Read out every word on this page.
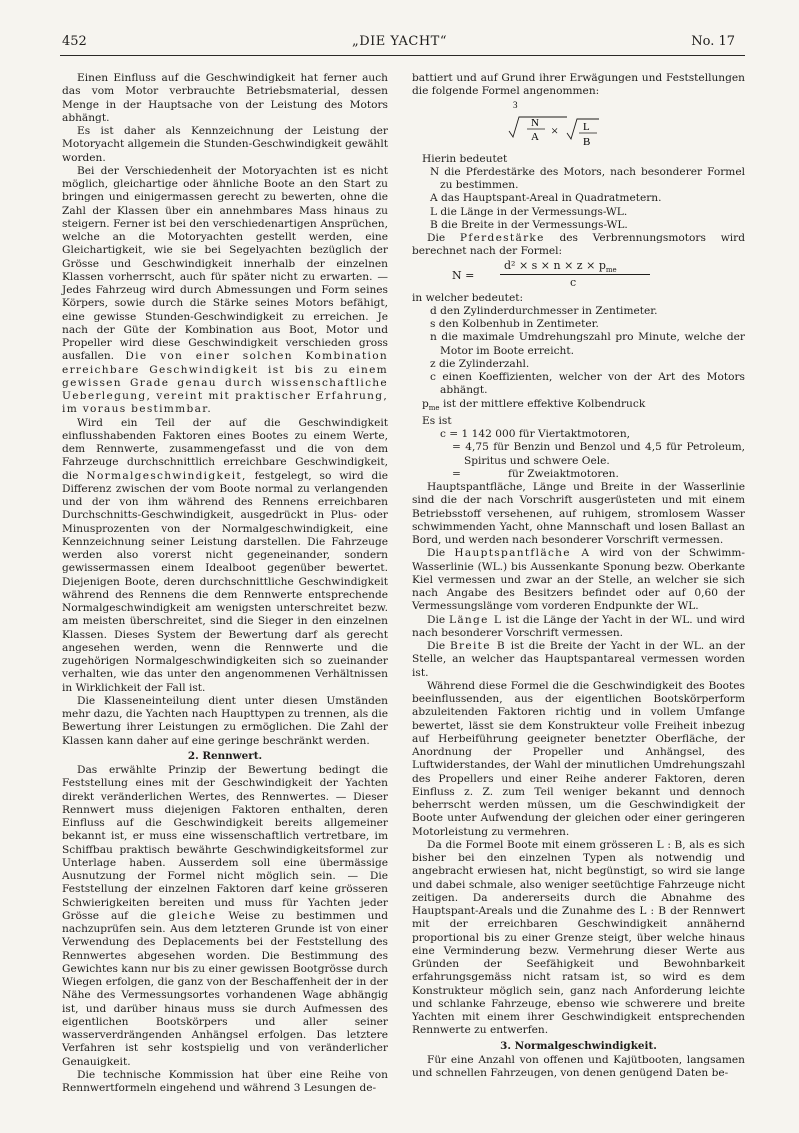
452	„DIE YACHT“	No. 17

Einen Einfluss auf die Geschwindigkeit hat ferner auch das vom Motor verbrauchte Betriebsmaterial, dessen Menge in der Hauptsache von der Leistung des Motors abhängt.

Es ist daher als Kennzeichnung der Leistung der Motoryacht allgemein die Stunden-Geschwindigkeit gewählt worden.

Bei der Verschiedenheit der Motoryachten ist es nicht möglich, gleichartige oder ähnliche Boote an den Start zu bringen und einigermassen gerecht zu bewerten, ohne die Zahl der Klassen über ein annehmbares Mass hinaus zu steigern. Ferner ist bei den verschiedenartigen Ansprüchen, welche an die Motoryachten gestellt werden, eine Gleichartigkeit, wie sie bei Segelyachten bezüglich der Grösse und Geschwindigkeit innerhalb der einzelnen Klassen vorherrscht, auch für später nicht zu erwarten. — Jedes Fahrzeug wird durch Abmessungen und Form seines Körpers, sowie durch die Stärke seines Motors befähigt, eine gewisse Stunden-Geschwindigkeit zu erreichen. Je nach der Güte der Kombination aus Boot, Motor und Propeller wird diese Geschwindigkeit verschieden gross ausfallen. Die von einer solchen Kombination erreichbare Geschwindigkeit ist bis zu einem gewissen Grade genau durch wissenschaftliche Ueberlegung, vereint mit praktischer Erfahrung, im voraus bestimmbar.

Wird ein Teil der auf die Geschwindigkeit einflusshabenden Faktoren eines Bootes zu einem Werte, dem Rennwerte, zusammengefasst und die von dem Fahrzeuge durchschnittlich erreichbare Geschwindigkeit, die Normalgeschwindigkeit, festgelegt, so wird die Differenz zwischen der vom Boote normal zu verlangenden und der von ihm während des Rennens erreichbaren Durchschnitts-Geschwindigkeit, ausgedrückt in Plus- oder Minusprozenten von der Normalgeschwindigkeit, eine Kennzeichnung seiner Leistung darstellen. Die Fahrzeuge werden also vorerst nicht gegeneinander, sondern gewissermassen einem Idealboot gegenüber bewertet. Diejenigen Boote, deren durchschnittliche Geschwindigkeit während des Rennens die dem Rennwerte entsprechende Normalgeschwindigkeit am wenigsten unterschreitet bezw. am meisten überschreitet, sind die Sieger in den einzelnen Klassen. Dieses System der Bewertung darf als gerecht angesehen werden, wenn die Rennwerte und die zugehörigen Normalgeschwindigkeiten sich so zueinander verhalten, wie das unter den angenommenen Verhältnissen in Wirklichkeit der Fall ist.

Die Klasseneinteilung dient unter diesen Umständen mehr dazu, die Yachten nach Haupttypen zu trennen, als die Bewertung ihrer Leistungen zu ermöglichen. Die Zahl der Klassen kann daher auf eine geringe beschränkt werden.

2. Rennwert.

Das erwählte Prinzip der Bewertung bedingt die Feststellung eines mit der Geschwindigkeit der Yachten direkt veränderlichen Wertes, des Rennwertes. — Dieser Rennwert muss diejenigen Faktoren enthalten, deren Einfluss auf die Geschwindigkeit bereits allgemeiner bekannt ist, er muss eine wissenschaftlich vertretbare, im Schiffbau praktisch bewährte Geschwindigkeitsformel zur Unterlage haben. Ausserdem soll eine übermässige Ausnutzung der Formel nicht möglich sein. — Die Feststellung der einzelnen Faktoren darf keine grösseren Schwierigkeiten bereiten und muss für Yachten jeder Grösse auf die gleiche Weise zu bestimmen und nachzuprüfen sein. Aus dem letzteren Grunde ist von einer Verwendung des Deplacements bei der Feststellung des Rennwertes abgesehen worden. Die Bestimmung des Gewichtes kann nur bis zu einer gewissen Bootgrösse durch Wiegen erfolgen, die ganz von der Beschaffenheit der in der Nähe des Vermessungsortes vorhandenen Wage abhängig ist, und darüber hinaus muss sie durch Aufmessen des eigentlichen Bootskörpers und aller seiner wasserverdrängenden Anhängsel erfolgen. Das letztere Verfahren ist sehr kostspielig und von veränderlicher Genauigkeit.

Die technische Kommission hat über eine Reihe von Rennwertformeln eingehend und während 3 Lesungen de-

battiert und auf Grund ihrer Erwägungen und Feststellungen die folgende Formel angenommen:

3
N
A × L
B

Hierin bedeutet

N die Pferdestärke des Motors, nach besonderer Formel zu bestimmen.

A das Hauptspant-Areal in Quadratmetern.

L die Länge in der Vermessungs-WL.

B die Breite in der Vermessungs-WL.

Die Pferdestärke des Verbrennungsmotors wird berechnet nach der Formel:

N =
$d^2 \times s \times n \times z \times p_{me}$
c

in welcher bedeutet:

d den Zylinderdurchmesser in Zentimeter.

s den Kolbenhub in Zentimeter.

n die maximale Umdrehungszahl pro Minute, welche der Motor im Boote erreicht.

z die Zylinderzahl.

c einen Koeffizienten, welcher von der Art des Motors abhängt.

$p_{me}$ ist der mittlere effektive Kolbendruck

Es ist

c = 1 142 000 für Viertaktmotoren,

= 4,75 für Benzin und Benzol und 4,5 für Petroleum, Spiritus und schwere Oele.

=              für Zweiaktmotoren.

Hauptspantfläche, Länge und Breite in der Wasserlinie sind die der nach Vorschrift ausgerüsteten und mit einem Betriebsstoff versehenen, auf ruhigem, stromlosem Wasser schwimmenden Yacht, ohne Mannschaft und losen Ballast an Bord, und werden nach besonderer Vorschrift vermessen.

Die Hauptspantfläche A wird von der Schwimm-Wasserlinie (WL.) bis Aussenkante Sponung bezw. Oberkante Kiel vermessen und zwar an der Stelle, an welcher sie sich nach Angabe des Besitzers befindet oder auf 0,60 der Vermessungslänge vom vorderen Endpunkte der WL.

Die Länge L ist die Länge der Yacht in der WL. und wird nach besonderer Vorschrift vermessen.

Die Breite B ist die Breite der Yacht in der WL. an der Stelle, an welcher das Hauptspantareal vermessen worden ist.

Während diese Formel die die Geschwindigkeit des Bootes beeinflussenden, aus der eigentlichen Bootskörperform abzuleitenden Faktoren richtig und in vollem Umfange bewertet, lässt sie dem Konstrukteur volle Freiheit inbezug auf Herbeiführung geeigneter benetzter Oberfläche, der Anordnung der Propeller und Anhängsel, des Luftwiderstandes, der Wahl der minutlichen Umdrehungszahl des Propellers und einer Reihe anderer Faktoren, deren Einfluss z. Z. zum Teil weniger bekannt und dennoch beherrscht werden müssen, um die Geschwindigkeit der Boote unter Aufwendung der gleichen oder einer geringeren Motorleistung zu vermehren.

Da die Formel Boote mit einem grösseren L : B, als es sich bisher bei den einzelnen Typen als notwendig und angebracht erwiesen hat, nicht begünstigt, so wird sie lange und dabei schmale, also weniger seetüchtige Fahrzeuge nicht zeitigen. Da andererseits durch die Abnahme des Hauptspant-Areals und die Zunahme des L : B der Rennwert mit der erreichbaren Geschwindigkeit annähernd proportional bis zu einer Grenze steigt, über welche hinaus eine Verminderung bezw. Vermehrung dieser Werte aus Gründen der Seefähigkeit und Bewohnbarkeit erfahrungsgemäss nicht ratsam ist, so wird es dem Konstrukteur möglich sein, ganz nach Anforderung leichte und schlanke Fahrzeuge, ebenso wie schwerere und breite Yachten mit einem ihrer Geschwindigkeit entsprechenden Rennwerte zu entwerfen.

3. Normalgeschwindigkeit.

Für eine Anzahl von offenen und Kajütbooten, langsamen und schnellen Fahrzeugen, von denen genügend Daten be-
